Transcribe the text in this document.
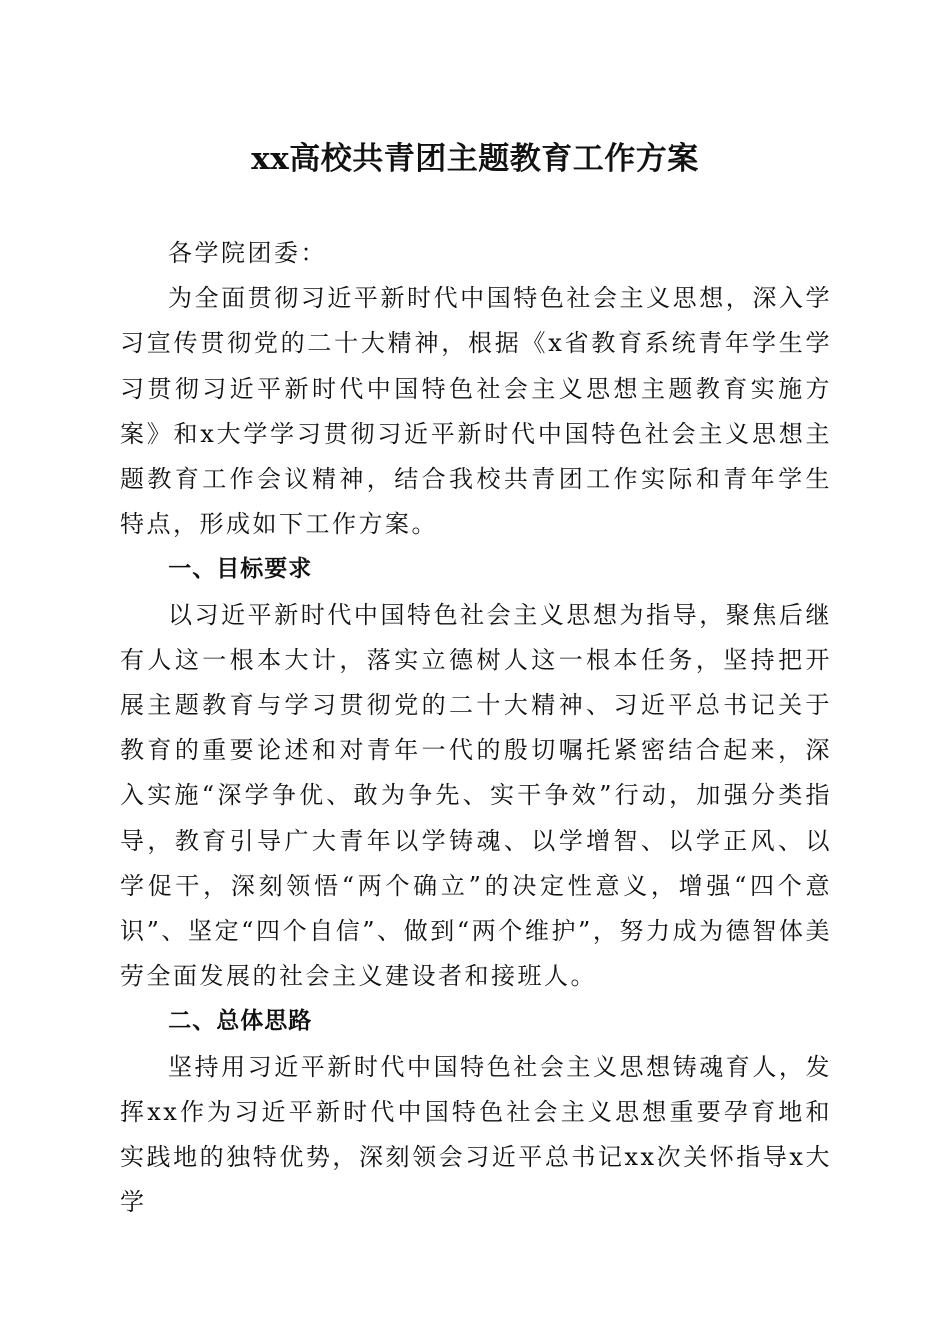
xx高校共青团主题教育工作方案

各学院团委：

为全面贯彻习近平新时代中国特色社会主义思想，深入学习宣传贯彻党的二十大精神，根据《x省教育系统青年学生学习贯彻习近平新时代中国特色社会主义思想主题教育实施方案》和x大学学习贯彻习近平新时代中国特色社会主义思想主题教育工作会议精神，结合我校共青团工作实际和青年学生特点，形成如下工作方案。

一、目标要求

以习近平新时代中国特色社会主义思想为指导，聚焦后继有人这一根本大计，落实立德树人这一根本任务，坚持把开展主题教育与学习贯彻党的二十大精神、习近平总书记关于教育的重要论述和对青年一代的殷切嘱托紧密结合起来，深入实施“深学争优、敢为争先、实干争效”行动，加强分类指导，教育引导广大青年以学铸魂、以学增智、以学正风、以学促干，深刻领悟“两个确立”的决定性意义，增强“四个意识”、坚定“四个自信”、做到“两个维护”，努力成为德智体美劳全面发展的社会主义建设者和接班人。

二、总体思路

坚持用习近平新时代中国特色社会主义思想铸魂育人，发挥xx作为习近平新时代中国特色社会主义思想重要孕育地和实践地的独特优势，深刻领会习近平总书记xx次关怀指导x大学
